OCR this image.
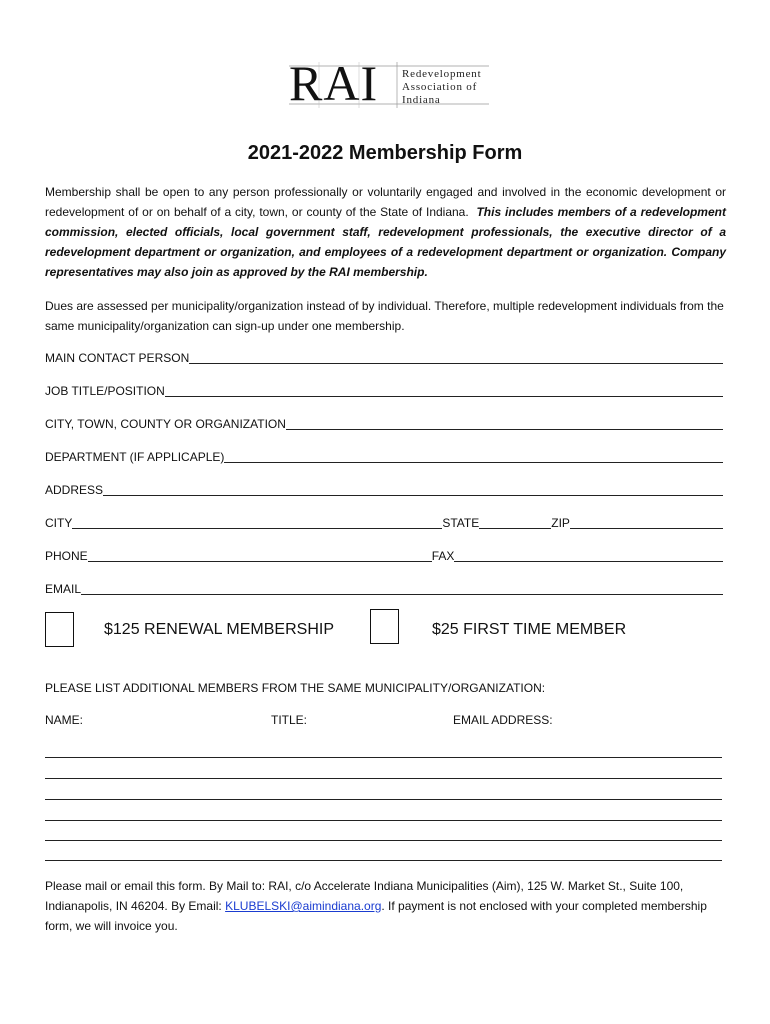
RAI Redevelopment
Association of
Indiana
2021-2022 Membership Form

Membership shall be open to any person professionally or voluntarily engaged and involved in the economic development or redevelopment of or on behalf of a city, town, or county of the State of Indiana. This includes members of a redevelopment commission, elected officials, local government staff, redevelopment professionals, the executive director of a redevelopment department or organization, and employees of a redevelopment department or organization. Company representatives may also join as approved by the RAI membership.

Dues are assessed per municipality/organization instead of by individual. Therefore, multiple redevelopment individuals from the same municipality/organization can sign-up under one membership.

MAIN CONTACT PERSON
JOB TITLE/POSITION
CITY, TOWN, COUNTY OR ORGANIZATION
DEPARTMENT (IF APPLICAPLE)
ADDRESS
CITY	STATE	ZIP
PHONE	FAX
EMAIL
$125 RENEWAL MEMBERSHIP	$25 FIRST TIME MEMBER
PLEASE LIST ADDITIONAL MEMBERS FROM THE SAME MUNICIPALITY/ORGANIZATION:
NAME:	TITLE:	EMAIL ADDRESS:

Please mail or email this form. By Mail to: RAI, c/o Accelerate Indiana Municipalities (Aim), 125 W. Market St., Suite 100, Indianapolis, IN 46204. By Email: KLUBELSKI@aimindiana.org. If payment is not enclosed with your completed membership form, we will invoice you.
